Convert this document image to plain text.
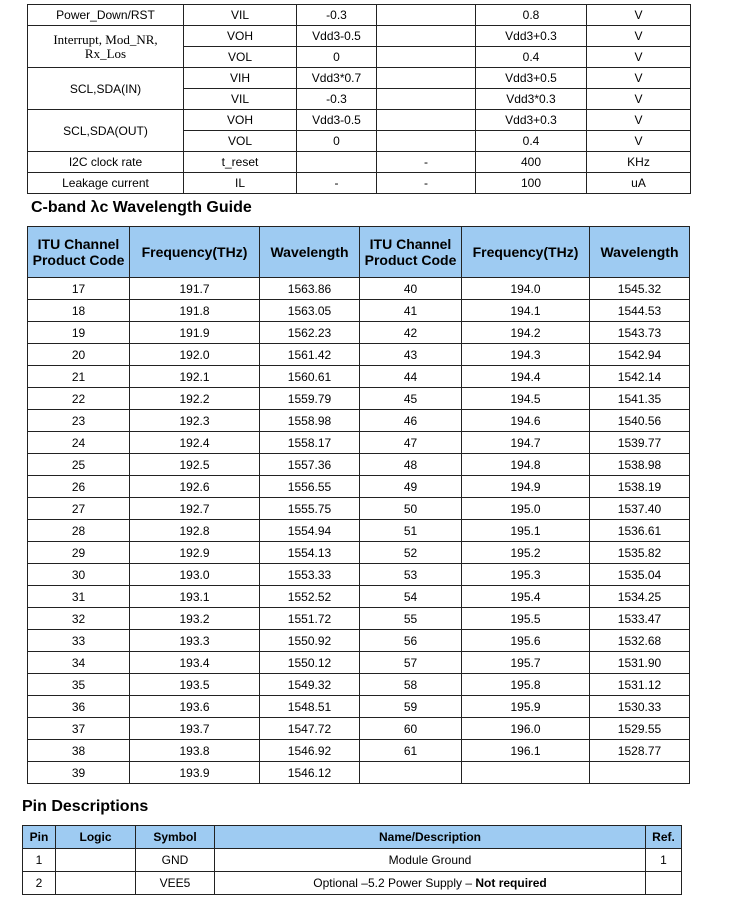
Power_Down/RST	VIL	-0.3		0.8	V
Interrupt, Mod_NR, Rx_Los	VOH	Vdd3-0.5		Vdd3+0.3	V
	VOL	0		0.4	V
SCL,SDA(IN)	VIH	Vdd3*0.7		Vdd3+0.5	V
	VIL	-0.3		Vdd3*0.3	V
SCL,SDA(OUT)	VOH	Vdd3-0.5		Vdd3+0.3	V
	VOL	0		0.4	V
I2C clock rate	t_reset		-	400	KHz
Leakage current	IL	-	-	100	uA
C-band λc Wavelength Guide
ITU Channel Product Code	Frequency(THz)	Wavelength	ITU Channel Product Code	Frequency(THz)	Wavelength
17	191.7	1563.86	40	194.0	1545.32
18	191.8	1563.05	41	194.1	1544.53
19	191.9	1562.23	42	194.2	1543.73
20	192.0	1561.42	43	194.3	1542.94
21	192.1	1560.61	44	194.4	1542.14
22	192.2	1559.79	45	194.5	1541.35
23	192.3	1558.98	46	194.6	1540.56
24	192.4	1558.17	47	194.7	1539.77
25	192.5	1557.36	48	194.8	1538.98
26	192.6	1556.55	49	194.9	1538.19
27	192.7	1555.75	50	195.0	1537.40
28	192.8	1554.94	51	195.1	1536.61
29	192.9	1554.13	52	195.2	1535.82
30	193.0	1553.33	53	195.3	1535.04
31	193.1	1552.52	54	195.4	1534.25
32	193.2	1551.72	55	195.5	1533.47
33	193.3	1550.92	56	195.6	1532.68
34	193.4	1550.12	57	195.7	1531.90
35	193.5	1549.32	58	195.8	1531.12
36	193.6	1548.51	59	195.9	1530.33
37	193.7	1547.72	60	196.0	1529.55
38	193.8	1546.92	61	196.1	1528.77
39	193.9	1546.12			
Pin Descriptions
Pin	Logic	Symbol	Name/Description	Ref.
1		GND	Module Ground	1
2		VEE5	Optional –5.2 Power Supply – Not required	
